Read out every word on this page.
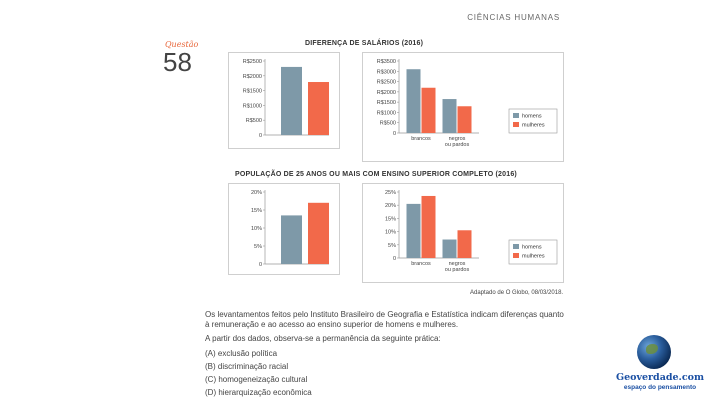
CIÊNCIAS HUMANAS
Questão
58
DIFERENÇA DE SALÁRIOS (2016)
0
R$500
R$1000
R$1500
R$2000
R$2500
0
R$500
R$1000
R$1500
R$2000
R$2500
R$3000
R$3500
brancos	negros
ou pardos
homens
mulheres
POPULAÇÃO DE 25 ANOS OU MAIS COM ENSINO SUPERIOR COMPLETO (2016)
0
5%
10%
15%
20%
0
5%
10%
15%
20%
25%
brancos	negros
ou pardos
homens
mulheres
Adaptado de O Globo, 08/03/2018.
Os levantamentos feitos pelo Instituto Brasileiro de Geografia e Estatística indicam diferenças quanto à remuneração e ao acesso ao ensino superior de homens e mulheres.
A partir dos dados, observa-se a permanência da seguinte prática:
(A) exclusão política
(B) discriminação racial
(C) homogeneização cultural
(D) hierarquização econômica
Geoverdade.com
espaço do pensamento
